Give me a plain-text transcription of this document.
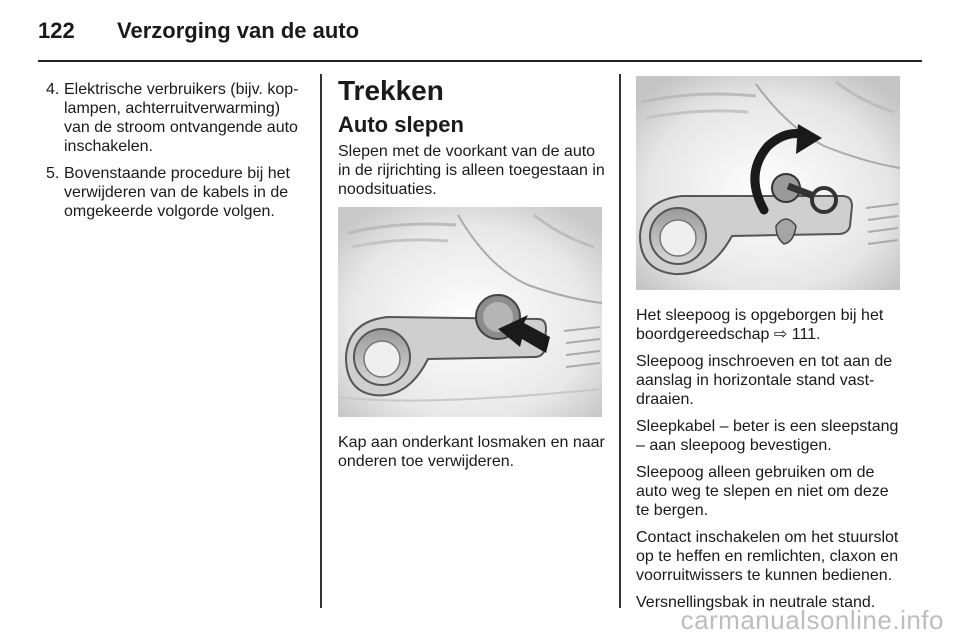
122 Verzorging van de auto
4. Elektrische verbruikers (bijv. kop-lampen, achterruitverwarming) van de stroom ontvangende auto inschakelen.
5. Bovenstaande procedure bij het verwijderen van de kabels in de omgekeerde volgorde volgen.
Trekken
Auto slepen

Slepen met de voorkant van de auto in de rijrichting is alleen toegestaan in noodsituaties.

Kap aan onderkant losmaken en naar onderen toe verwijderen.

Het sleepoog is opgeborgen bij het boordgereedschap ⇨ 111.

Sleepoog inschroeven en tot aan de aanslag in horizontale stand vast-draaien.

Sleepkabel – beter is een sleepstang – aan sleepoog bevestigen.

Sleepoog alleen gebruiken om de auto weg te slepen en niet om deze te bergen.

Contact inschakelen om het stuurslot op te heffen en remlichten, claxon en voorruitwissers te kunnen bedienen.

Versnellingsbak in neutrale stand.

carmanualsonline.info
